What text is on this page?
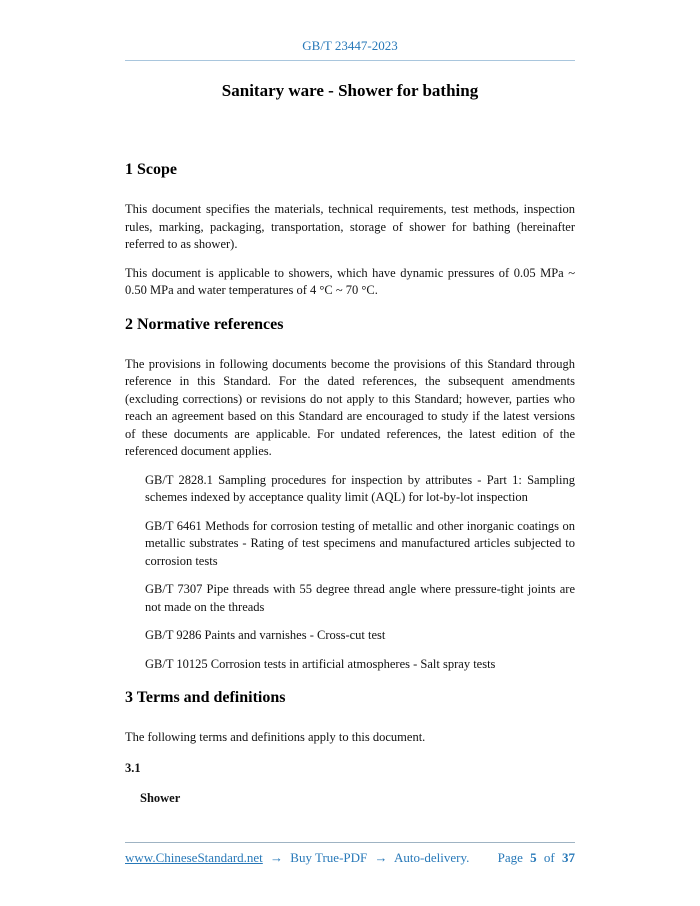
GB/T 23447-2023
Sanitary ware - Shower for bathing
1 Scope

This document specifies the materials, technical requirements, test methods, inspection rules, marking, packaging, transportation, storage of shower for bathing (hereinafter referred to as shower).

This document is applicable to showers, which have dynamic pressures of 0.05 MPa ~ 0.50 MPa and water temperatures of 4 °C ~ 70 °C.

2 Normative references

The provisions in following documents become the provisions of this Standard through reference in this Standard. For the dated references, the subsequent amendments (excluding corrections) or revisions do not apply to this Standard; however, parties who reach an agreement based on this Standard are encouraged to study if the latest versions of these documents are applicable. For undated references, the latest edition of the referenced document applies.

GB/T 2828.1 Sampling procedures for inspection by attributes - Part 1: Sampling schemes indexed by acceptance quality limit (AQL) for lot-by-lot inspection

GB/T 6461 Methods for corrosion testing of metallic and other inorganic coatings on metallic substrates - Rating of test specimens and manufactured articles subjected to corrosion tests

GB/T 7307 Pipe threads with 55 degree thread angle where pressure-tight joints are not made on the threads

GB/T 9286 Paints and varnishes - Cross-cut test

GB/T 10125 Corrosion tests in artificial atmospheres - Salt spray tests

3 Terms and definitions

The following terms and definitions apply to this document.

3.1

Shower

www.ChineseStandard.net → Buy True-PDF → Auto-delivery.	Page 5 of 37
